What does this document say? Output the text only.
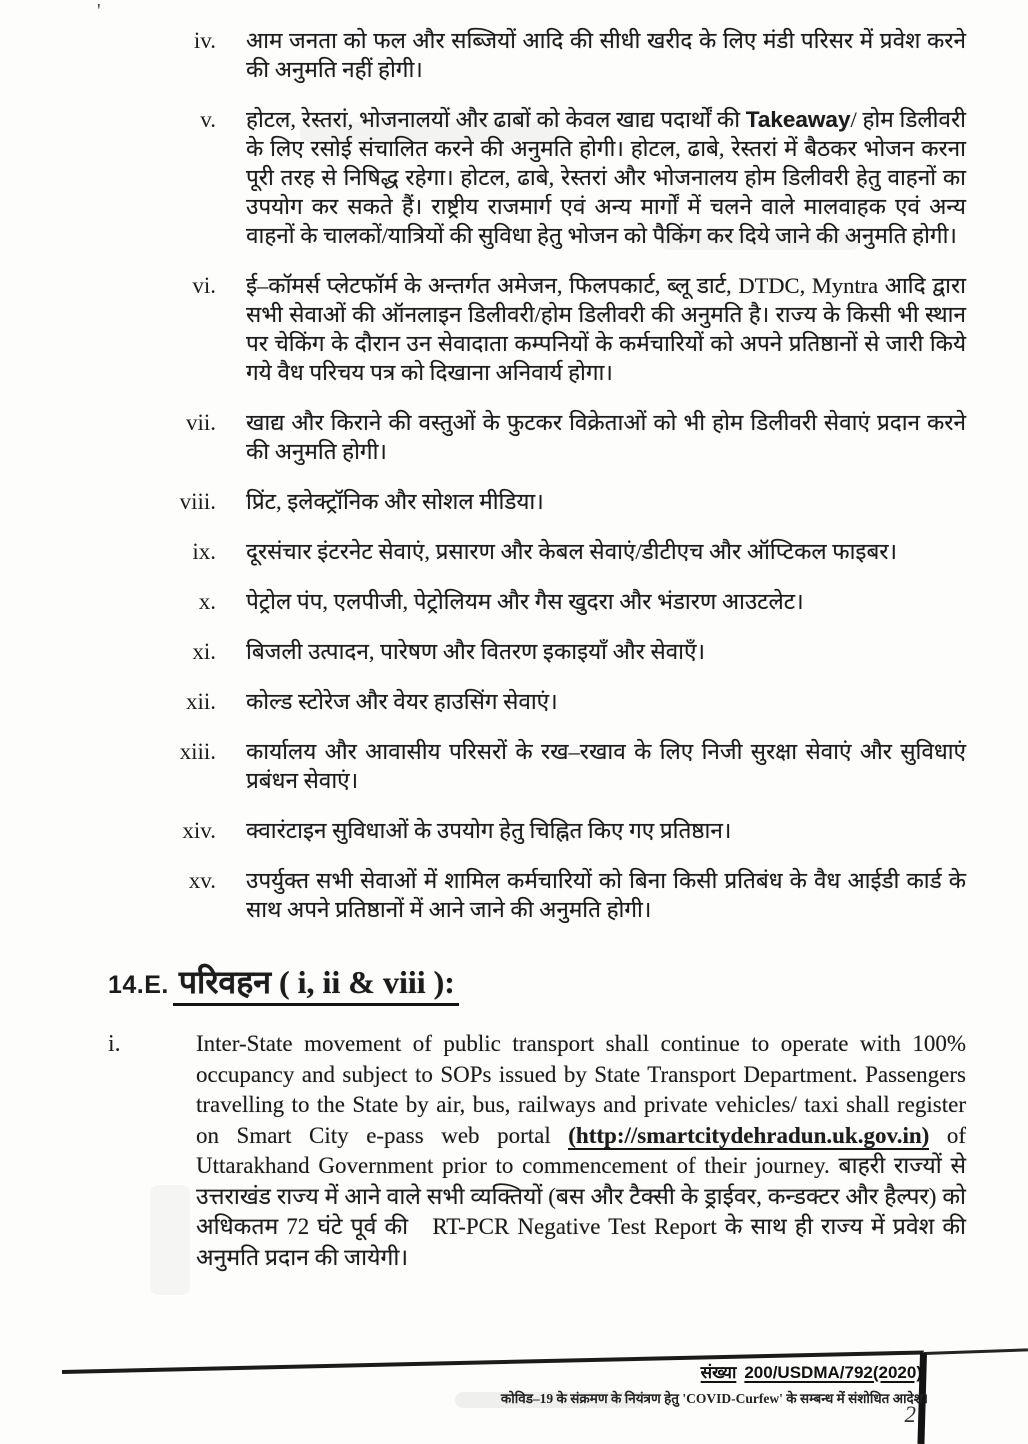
'
iv.	आम जनता को फल और सब्जियों आदि की सीधी खरीद के लिए मंडी परिसर में प्रवेश करने की अनुमति नहीं होगी।
v.	होटल, रेस्तरां, भोजनालयों और ढाबों को केवल खाद्य पदार्थों की Takeaway/ होम डिलीवरी के लिए रसोई संचालित करने की अनुमति होगी। होटल, ढाबे, रेस्तरां में बैठकर भोजन करना पूरी तरह से निषिद्ध रहेगा। होटल, ढाबे, रेस्तरां और भोजनालय होम डिलीवरी हेतु वाहनों का उपयोग कर सकते हैं। राष्ट्रीय राजमार्ग एवं अन्य मार्गों में चलने वाले मालवाहक एवं अन्य वाहनों के चालकों/यात्रियों की सुविधा हेतु भोजन को पैकिंग कर दिये जाने की अनुमति होगी।
vi.	ई–कॉमर्स प्लेटफॉर्म के अन्तर्गत अमेजन, फिलपकार्ट, ब्लू डार्ट, DTDC, Myntra आदि द्वारा सभी सेवाओं की ऑनलाइन डिलीवरी/होम डिलीवरी की अनुमति है। राज्य के किसी भी स्थान पर चेकिंग के दौरान उन सेवादाता कम्पनियों के कर्मचारियों को अपने प्रतिष्ठानों से जारी किये गये वैध परिचय पत्र को दिखाना अनिवार्य होगा।
vii.	खाद्य और किराने की वस्तुओं के फुटकर विक्रेताओं को भी होम डिलीवरी सेवाएं प्रदान करने की अनुमति होगी।
viii.	प्रिंट, इलेक्ट्रॉनिक और सोशल मीडिया।
ix.	दूरसंचार इंटरनेट सेवाएं, प्रसारण और केबल सेवाएं/डीटीएच और ऑप्टिकल फाइबर।
x.	पेट्रोल पंप, एलपीजी, पेट्रोलियम और गैस खुदरा और भंडारण आउटलेट।
xi.	बिजली उत्पादन, पारेषण और वितरण इकाइयाँ और सेवाएँ।
xii.	कोल्ड स्टोरेज और वेयर हाउसिंग सेवाएं।
xiii.	कार्यालय और आवासीय परिसरों के रख–रखाव के लिए निजी सुरक्षा सेवाएं और सुविधाएं प्रबंधन सेवाएं।
xiv.	क्वारंटाइन सुविधाओं के उपयोग हेतु चिह्नित किए गए प्रतिष्ठान।
xv.	उपर्युक्त सभी सेवाओं में शामिल कर्मचारियों को बिना किसी प्रतिबंध के वैध आईडी कार्ड के साथ अपने प्रतिष्ठानों में आने जाने की अनुमति होगी।
14.E. परिवहन ( i, ii & viii ):
i.	Inter-State movement of public transport shall continue to operate with 100% occupancy and subject to SOPs issued by State Transport Department. Passengers travelling to the State by air, bus, railways and private vehicles/ taxi shall register on Smart City e-pass web portal (http://smartcitydehradun.uk.gov.in) of Uttarakhand Government prior to commencement of their journey. बाहरी राज्यों से उत्तराखंड राज्य में आने वाले सभी व्यक्तियों (बस और टैक्सी के ड्राईवर, कन्डक्टर और हैल्पर) को अधिकतम 72 घंटे पूर्व की   RT-PCR Negative Test Report के साथ ही राज्य में प्रवेश की अनुमति प्रदान की जायेगी।
संख्या 200/USDMA/792(2020)
कोविड–19 के संक्रमण के नियंत्रण हेतु 'COVID-Curfew' के सम्बन्ध में संशोधित आदेश।
2
